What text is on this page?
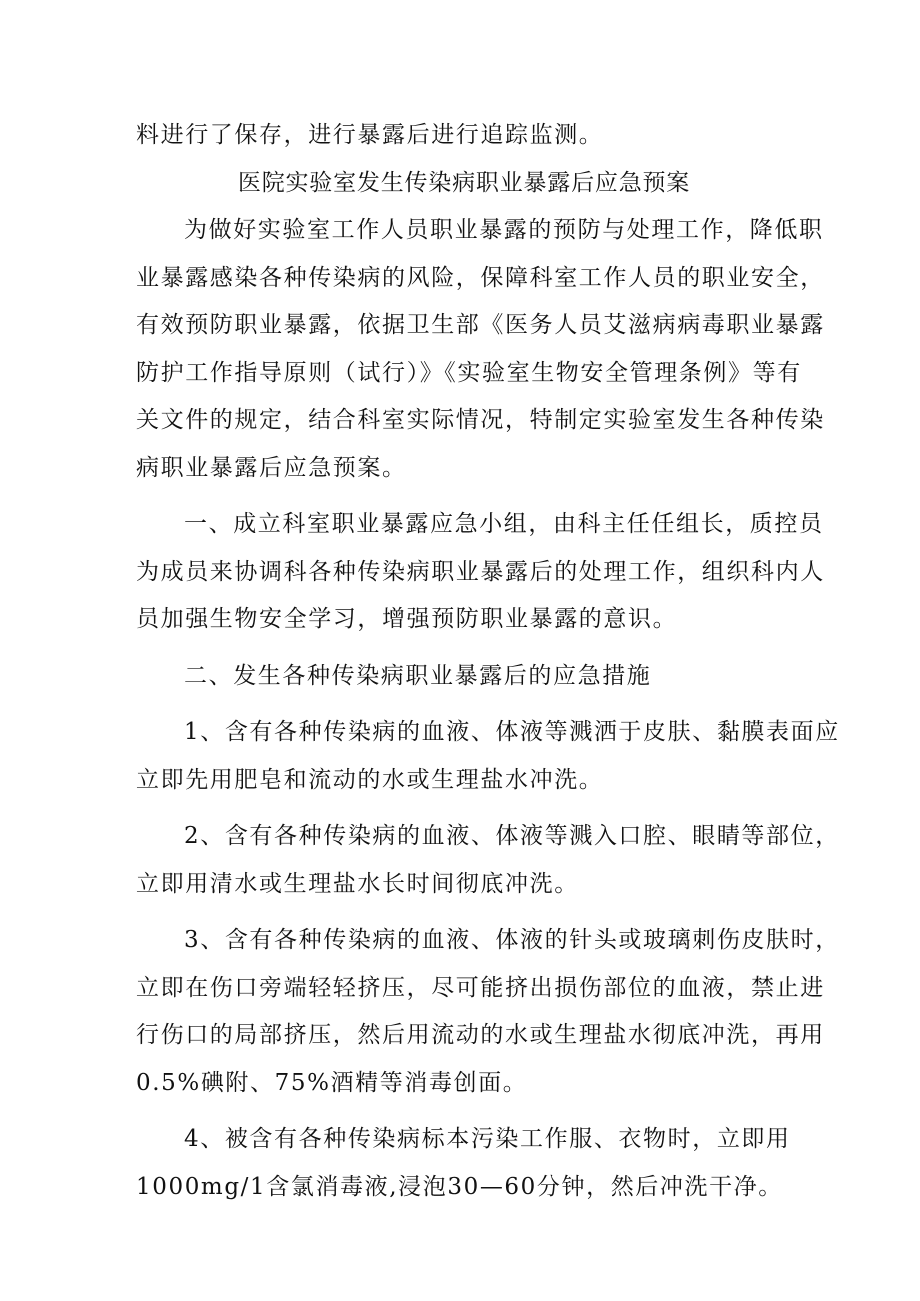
料进行了保存，进行暴露后进行追踪监测。
医院实验室发生传染病职业暴露后应急预案
为做好实验室工作人员职业暴露的预防与处理工作，降低职
业暴露感染各种传染病的风险，保障科室工作人员的职业安全，
有效预防职业暴露，依据卫生部《医务人员艾滋病病毒职业暴露
防护工作指导原则（试行）》《实验室生物安全管理条例》等有
关文件的规定，结合科室实际情况，特制定实验室发生各种传染
病职业暴露后应急预案。
一、成立科室职业暴露应急小组，由科主任任组长，质控员
为成员来协调科各种传染病职业暴露后的处理工作，组织科内人
员加强生物安全学习，增强预防职业暴露的意识。
二、发生各种传染病职业暴露后的应急措施
1、含有各种传染病的血液、体液等溅洒于皮肤、黏膜表面应
立即先用肥皂和流动的水或生理盐水冲洗。
2、含有各种传染病的血液、体液等溅入口腔、眼睛等部位，
立即用清水或生理盐水长时间彻底冲洗。
3、含有各种传染病的血液、体液的针头或玻璃刺伤皮肤时，
立即在伤口旁端轻轻挤压，尽可能挤出损伤部位的血液，禁止进
行伤口的局部挤压，然后用流动的水或生理盐水彻底冲洗，再用
0.5%碘附、75%酒精等消毒创面。
4、被含有各种传染病标本污染工作服、衣物时，立即用
1000mg/1含氯消毒液,浸泡30—60分钟，然后冲洗干净。
